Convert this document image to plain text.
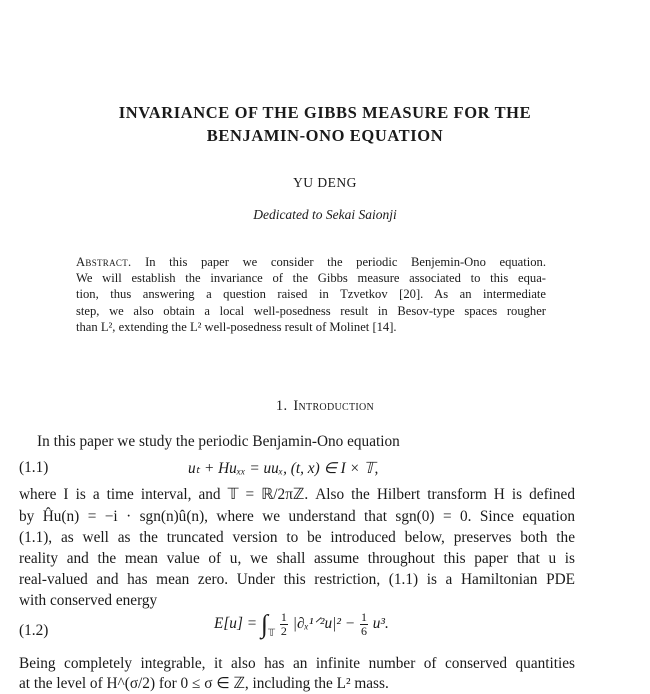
INVARIANCE OF THE GIBBS MEASURE FOR THE
BENJAMIN-ONO EQUATION
YU DENG
Dedicated to Sekai Saionji
Abstract. In this paper we consider the periodic Benjemin-Ono equation.
We will establish the invariance of the Gibbs measure associated to this equa-
tion, thus answering a question raised in Tzvetkov [20]. As an intermediate
step, we also obtain a local well-posedness result in Besov-type spaces rougher
than L², extending the L² well-posedness result of Molinet [14].
1. Introduction
In this paper we study the periodic Benjamin-Ono equation
(1.1)	uₜ + Huₓₓ = uuₓ, (t, x) ∈ I × 𝕋,
where I is a time interval, and 𝕋 = ℝ/2πℤ. Also the Hilbert transform H is defined
by Ĥu(n) = −i · sgn(n)û(n), where we understand that sgn(0) = 0. Since equation
(1.1), as well as the truncated version to be introduced below, preserves both the
reality and the mean value of u, we shall assume throughout this paper that u is
real-valued and has mean zero. Under this restriction, (1.1) is a Hamiltonian PDE
with conserved energy
(1.2)	$E[u] = \int_𝕋 \frac{1}{2}$ |∂ₓ¹ᐟ²u|² − $\frac{1}{6} u^3$.
Being completely integrable, it also has an infinite number of conserved quantities
at the level of H^(σ/2) for 0 ≤ σ ∈ ℤ, including the L² mass.
